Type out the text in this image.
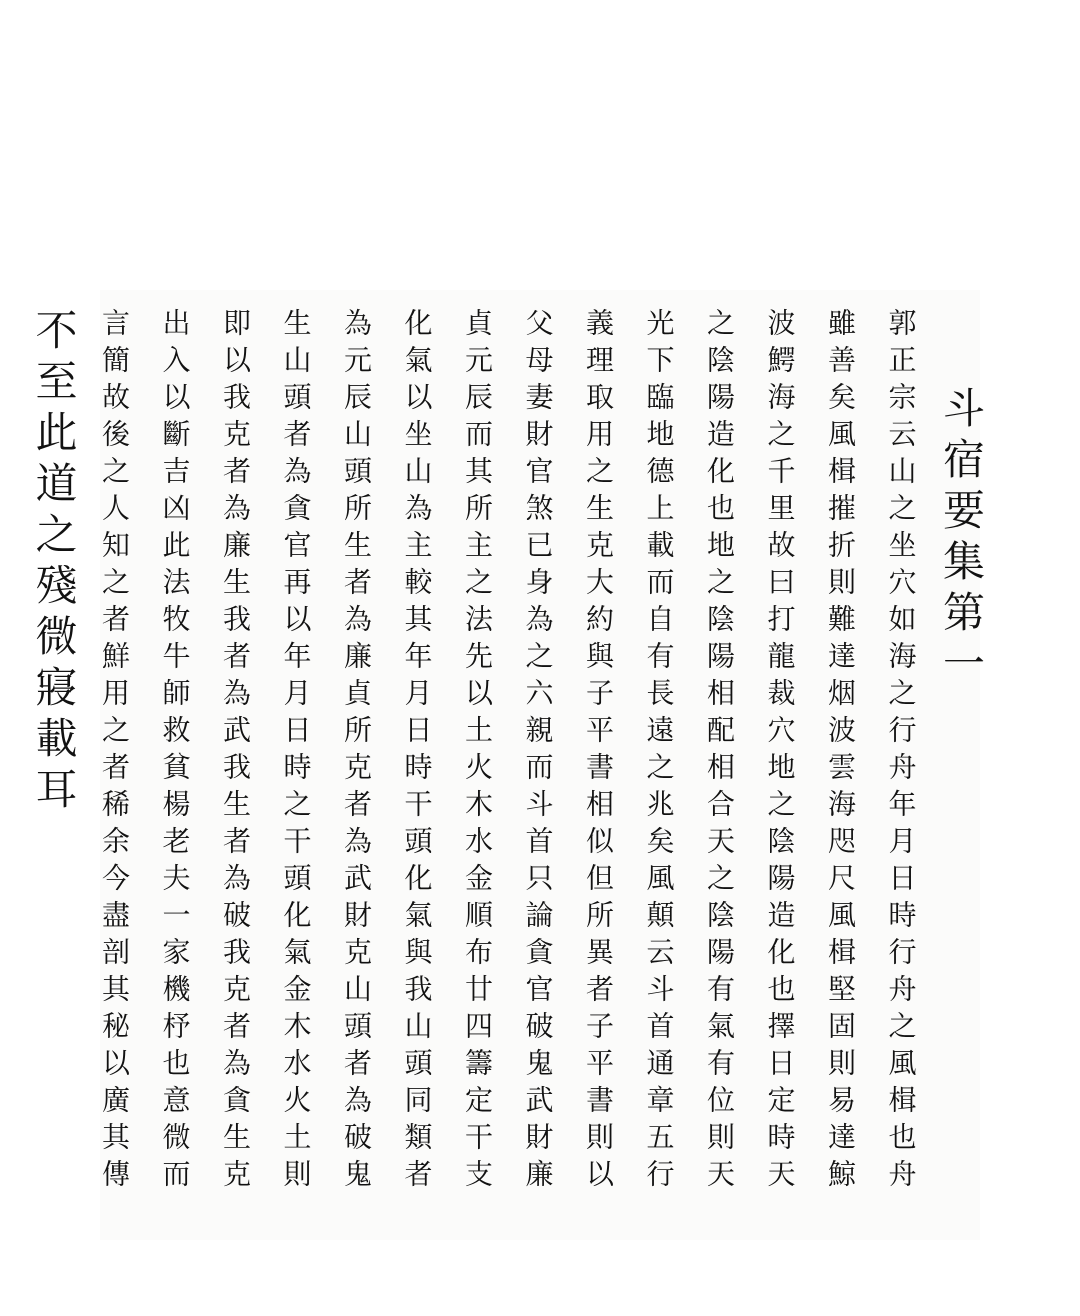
斗宿要集第一
郭正宗云山之坐穴如海之行舟年月日時行舟之風楫也舟
雖善矣風楫摧折則難達烟波雲海咫尺風楫堅固則易達鯨
波鰐海之千里故曰打龍裁穴地之陰陽造化也擇日定時天
之陰陽造化也地之陰陽相配相合天之陰陽有氣有位則天
光下臨地德上載而自有長遠之兆矣風顛云斗首通章五行
義理取用之生克大約與子平書相似但所異者子平書則以
父母妻財官煞已身為之六親而斗首只論貪官破鬼武財廉
貞元辰而其所主之法先以土火木水金順布廿四籌定干支
化氣以坐山為主較其年月日時干頭化氣與我山頭同類者
為元辰山頭所生者為廉貞所克者為武財克山頭者為破鬼
生山頭者為貪官再以年月日時之干頭化氣金木水火土則
即以我克者為廉生我者為武我生者為破我克者為貪生克
出入以斷吉凶此法牧牛師救貧楊老夫一家機杼也意微而
言簡故後之人知之者鮮用之者稀余今盡剖其秘以廣其傳
不至此道之殘微寢載耳
